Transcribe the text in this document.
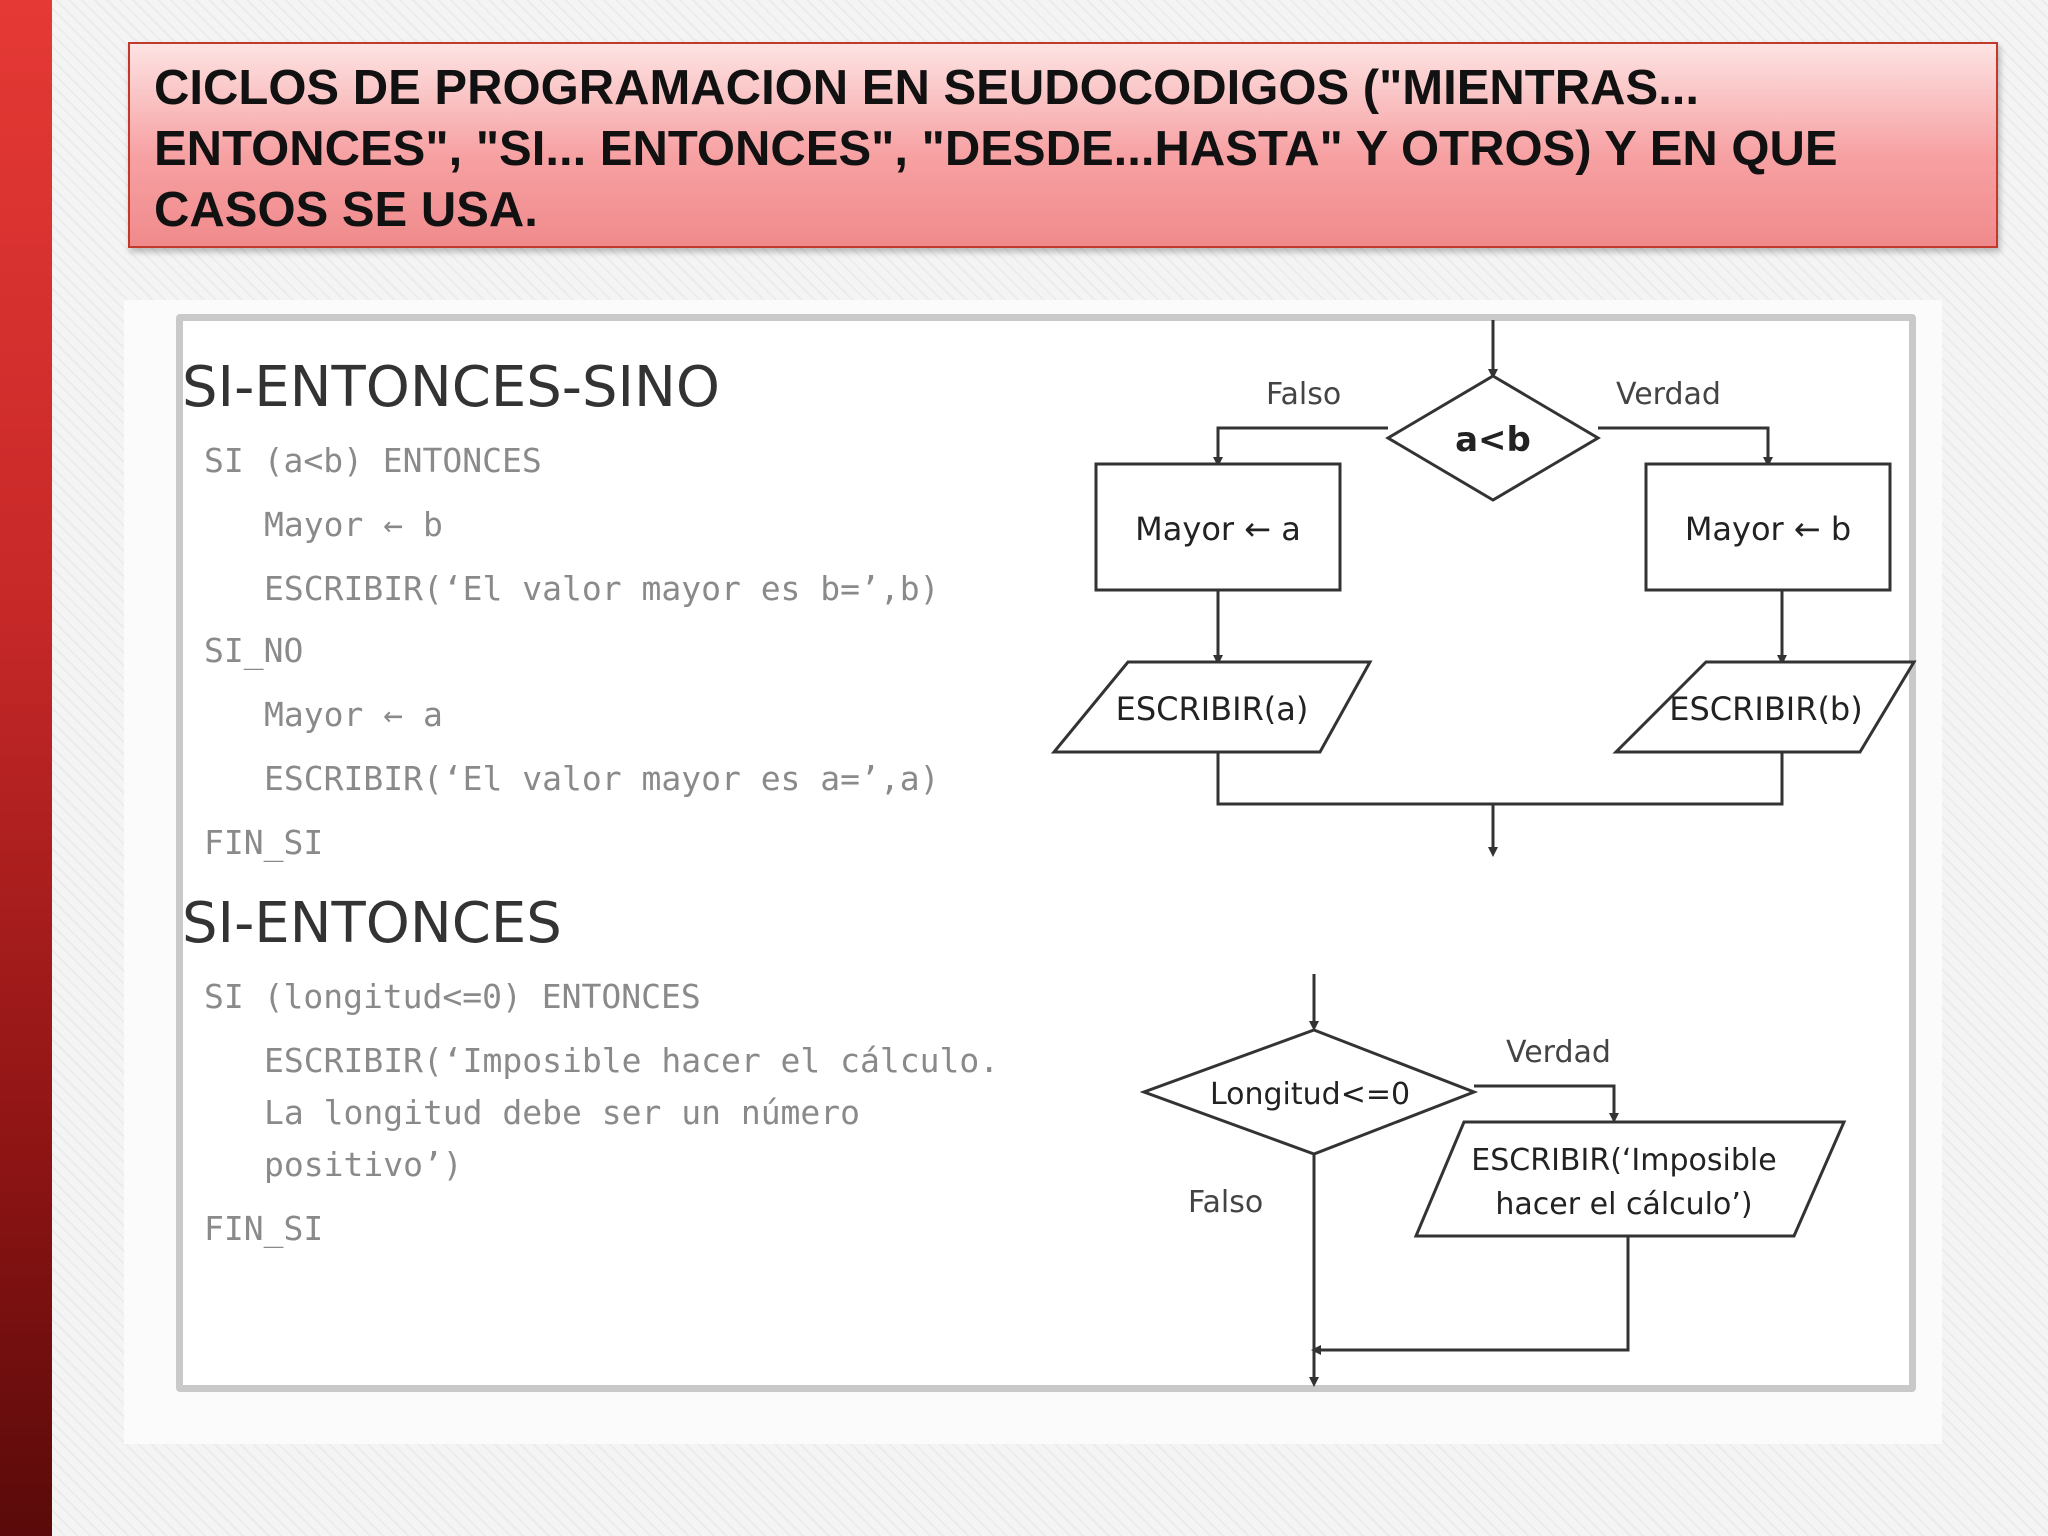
CICLOS DE PROGRAMACION EN SEUDOCODIGOS ("MIENTRAS... ENTONCES", "SI... ENTONCES", "DESDE...HASTA" Y OTROS) Y EN QUE CASOS SE USA.

SI-ENTONCES-SINO
SI (a<b) ENTONCES
Mayor ← b
ESCRIBIR(‘El valor mayor es b=’,b)
SI_NO
Mayor ← a
ESCRIBIR(‘El valor mayor es a=’,a)
FIN_SI
Falso	Verdad
a<b
Mayor ← a	Mayor ← b
ESCRIBIR(a)	ESCRIBIR(b)
SI-ENTONCES
SI (longitud<=0) ENTONCES
ESCRIBIR(‘Imposible hacer el cálculo.
La longitud debe ser un número
positivo’)
FIN_SI
Longitud<=0
Verdad
Falso
ESCRIBIR(‘Imposible
hacer el cálculo’)
